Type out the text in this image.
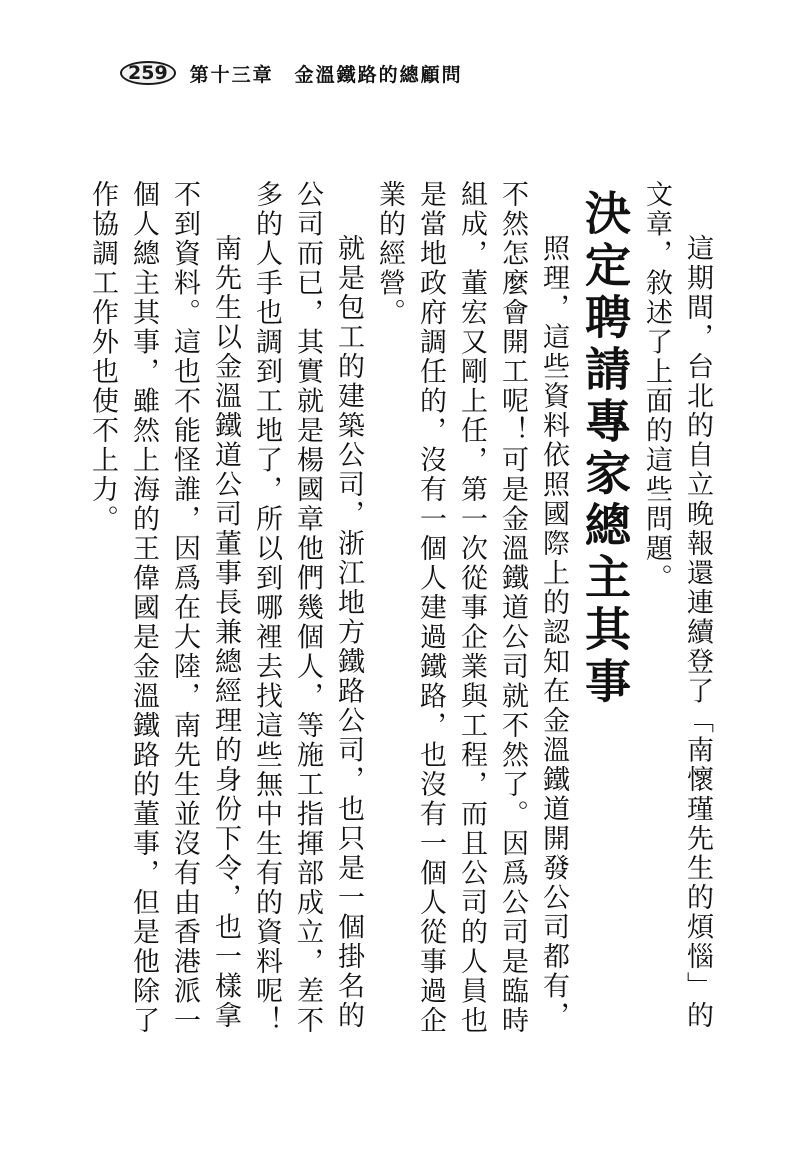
259	第十三章　金溫鐵路的總顧問

這期間，台北的自立晚報還連續登了「南懷瑾先生的煩惱」的文章，敘述了上面的這些問題。

決定聘請專家總主其事

照理，這些資料依照國際上的認知在金溫鐵道開發公司都有，不然怎麼會開工呢！可是金溫鐵道公司就不然了。因爲公司是臨時組成，董宏又剛上任，第一次從事企業與工程，而且公司的人員也是當地政府調任的，沒有一個人建過鐵路，也沒有一個人從事過企業的經營。

就是包工的建築公司，浙江地方鐵路公司，也只是一個掛名的公司而已，其實就是楊國章他們幾個人，等施工指揮部成立，差不多的人手也調到工地了，所以到哪裡去找這些無中生有的資料呢！

南先生以金溫鐵道公司董事長兼總經理的身份下令，也一樣拿不到資料。這也不能怪誰，因爲在大陸，南先生並沒有由香港派一個人總主其事，雖然上海的王偉國是金溫鐵路的董事，但是他除了作協調工作外也使不上力。
